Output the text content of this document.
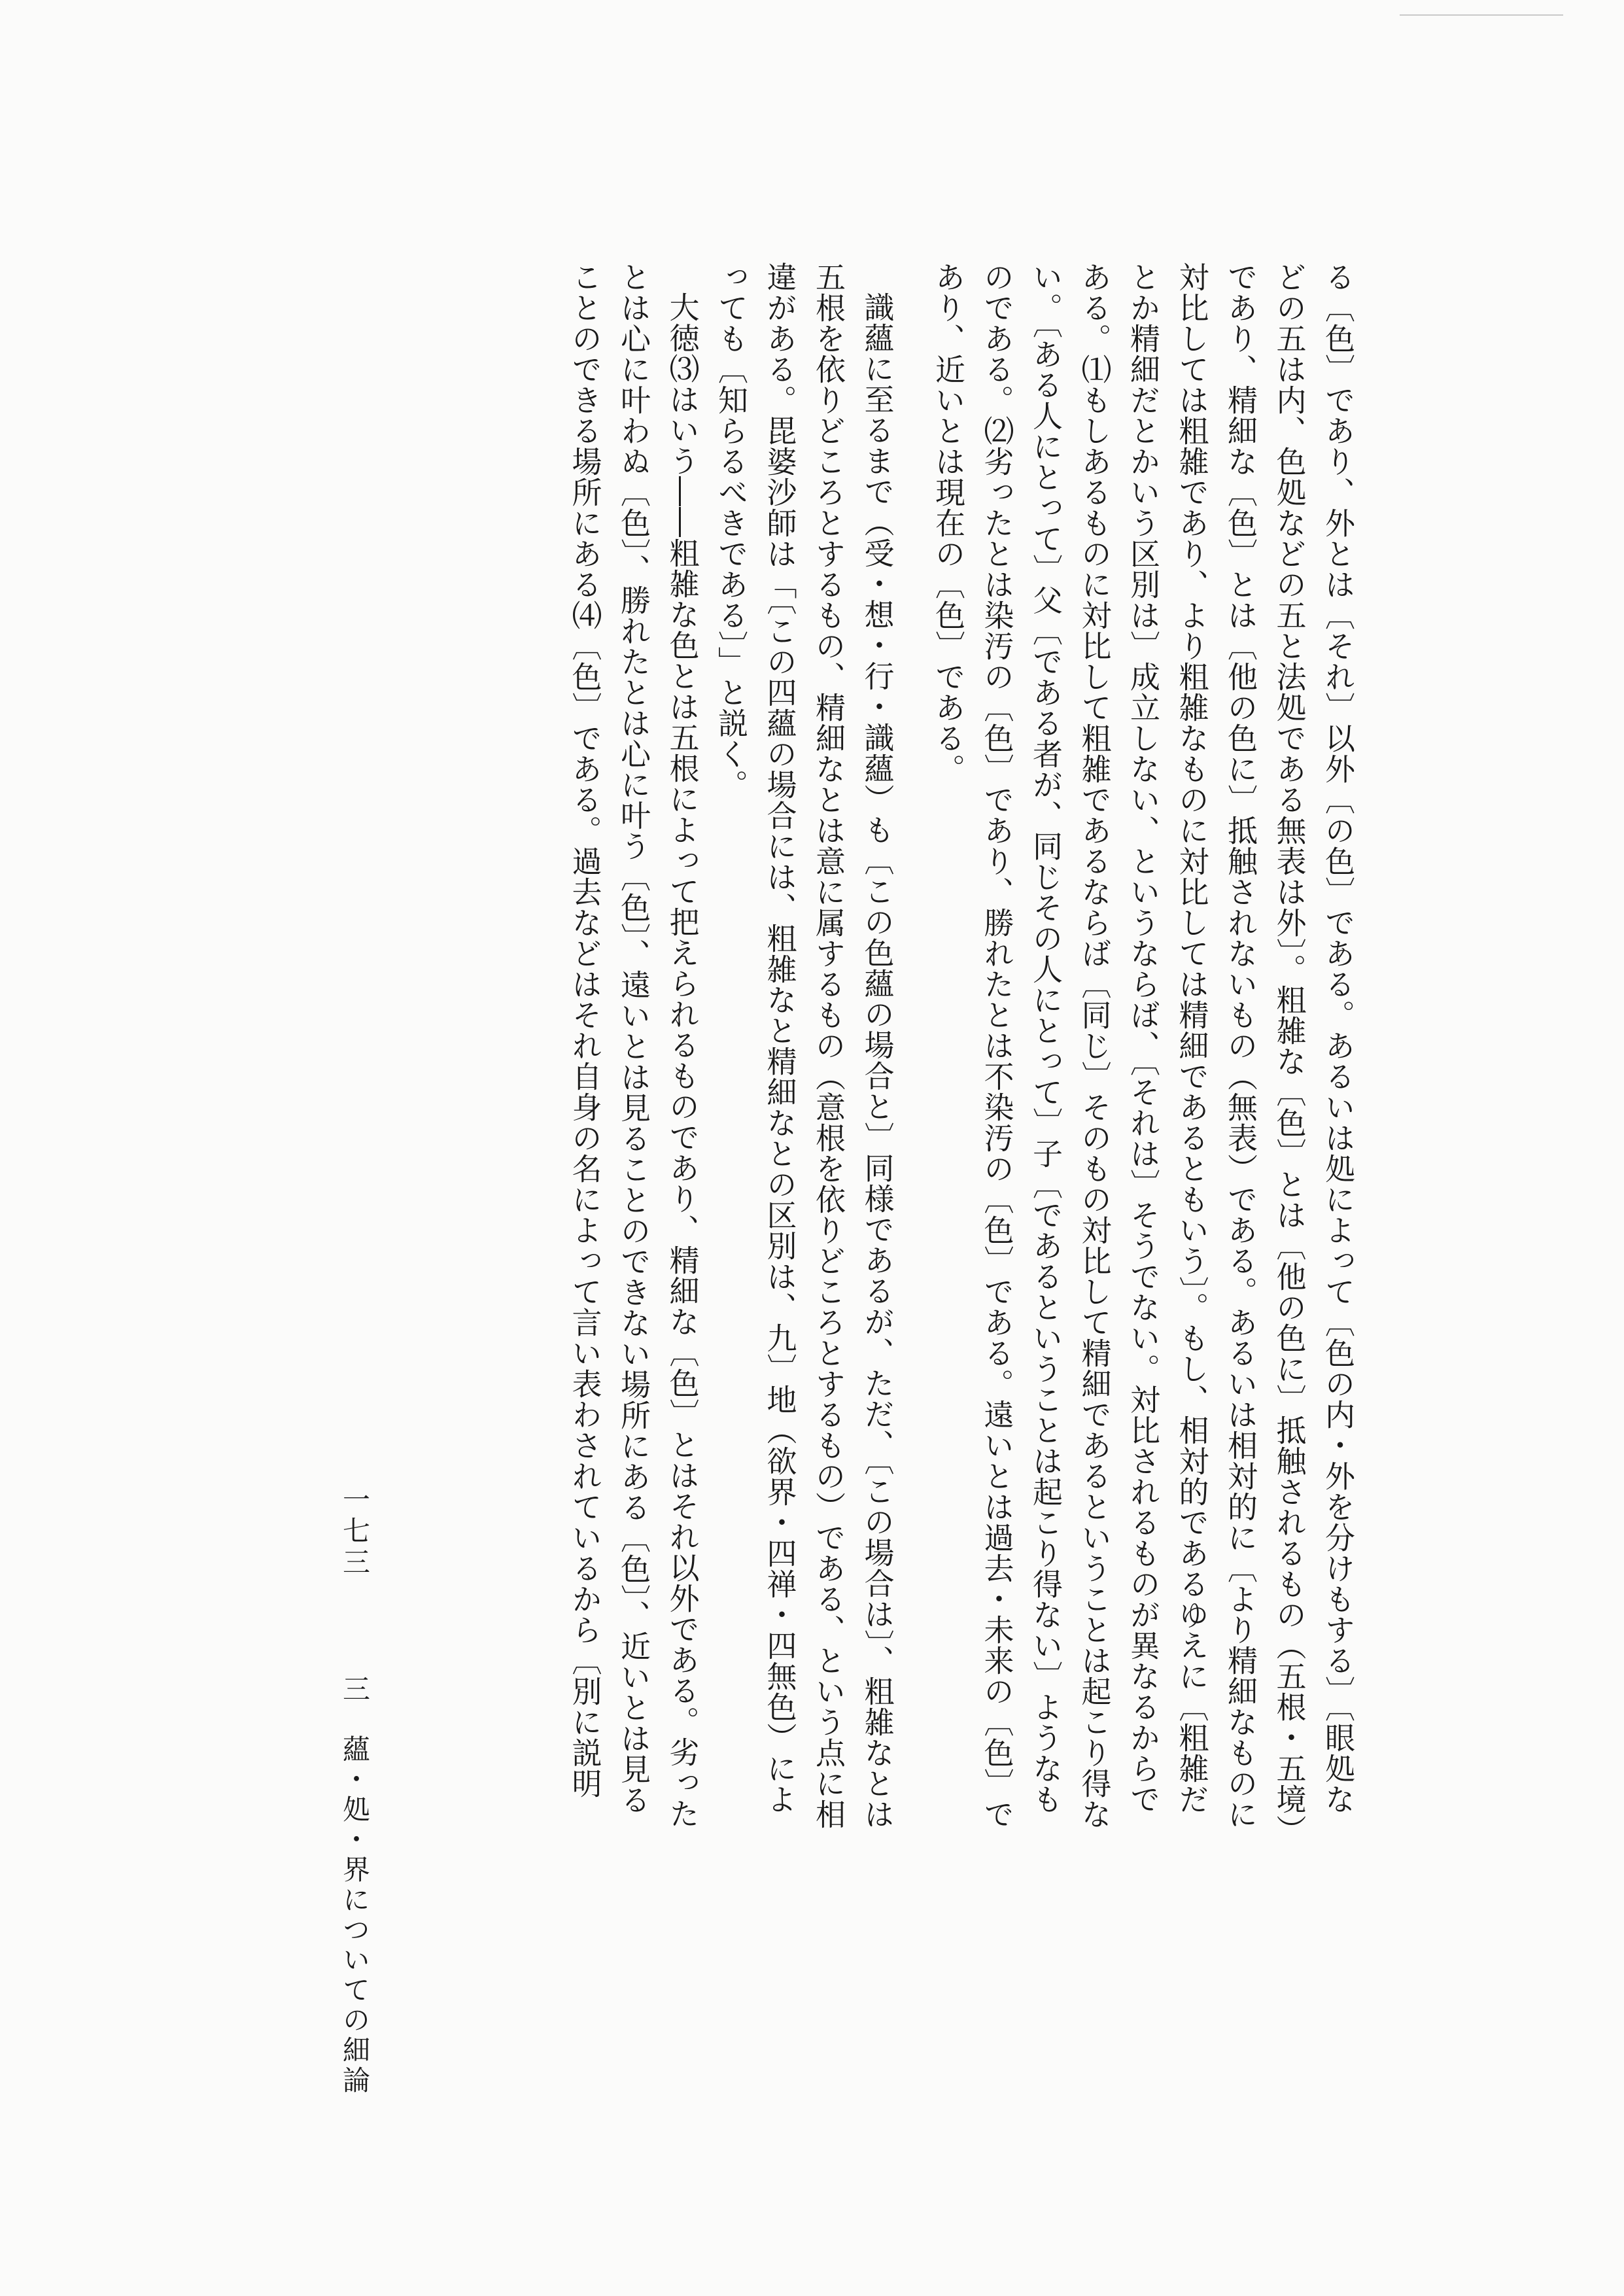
る〔色〕であり、外とは〔それ〕以外〔の色〕である。あるいは処によって〔色の内・外を分けもする〕〔眼処などの五は内、色処などの五と法処である無表は外〕。粗雑な〔色〕とは〔他の色に〕抵触されるもの（五根・五境）であり、精細な〔色〕とは〔他の色に〕抵触されないもの（無表）である。あるいは相対的に〔より精細なものに対比しては粗雑であり、より粗雑なものに対比しては精細であるともいう〕。もし、相対的であるゆえに〔粗雑だとか精細だとかいう区別は〕成立しない、というならば、〔それは〕そうでない。対比されるものが異なるからである。⑴もしあるものに対比して粗雑であるならば〔同じ〕そのもの対比して精細であるということは起こり得ない。〔ある人にとって〕父〔である者が、同じその人にとって〕子〔であるということは起こり得ない〕ようなものである。⑵劣ったとは染汚の〔色〕であり、勝れたとは不染汚の〔色〕である。遠いとは過去・未来の〔色〕であり、近いとは現在の〔色〕である。

識蘊に至るまで（受・想・行・識蘊）も〔この色蘊の場合と〕同様であるが、ただ、〔この場合は〕、粗雑なとは五根を依りどころとするもの、精細なとは意に属するもの（意根を依りどころとするもの）である、という点に相違がある。毘婆沙師は「〔この四蘊の場合には、粗雑なと精細なとの区別は、九〕地（欲界・四禅・四無色）によっても〔知らるべきである〕」と説く。

大徳⑶はいう――粗雑な色とは五根によって把えられるものであり、精細な〔色〕とはそれ以外である。劣ったとは心に叶わぬ〔色〕、勝れたとは心に叶う〔色〕、遠いとは見ることのできない場所にある〔色〕、近いとは見ることのできる場所にある⑷〔色〕である。過去などはそれ自身の名によって言い表わされているから〔別に説明

一七三
三　蘊・処・界についての細論
